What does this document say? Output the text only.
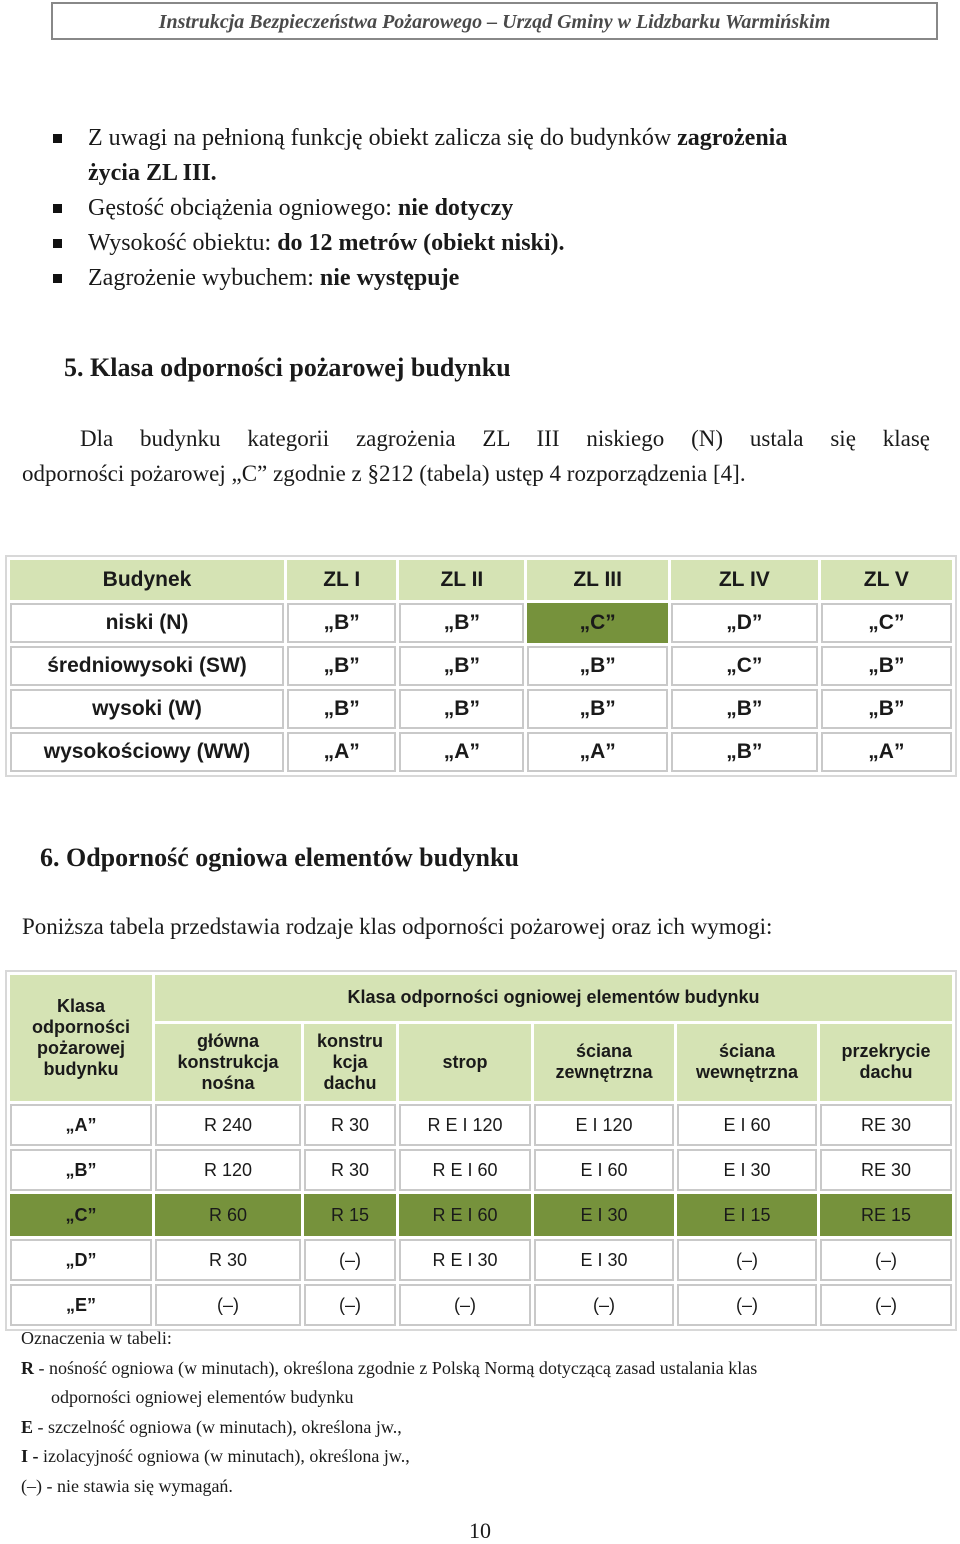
Instrukcja Bezpieczeństwa Pożarowego – Urząd Gminy w Lidzbarku Warmińskim
Z uwagi na pełnioną funkcję obiekt zalicza się do budynków zagrożenia
życia ZL III.
Gęstość obciążenia ogniowego: nie dotyczy
Wysokość obiektu: do 12 metrów (obiekt niski).
Zagrożenie wybuchem: nie występuje
5. Klasa odporności pożarowej budynku
Dla budynku kategorii zagrożenia ZL III niskiego (N) ustala się klasę
odporności pożarowej „C” zgodnie z §212 (tabela) ustęp 4 rozporządzenia [4].
Budynek	ZL I	ZL II	ZL III	ZL IV	ZL V
niski (N)	„B”	„B”	„C”	„D”	„C”
średniowysoki (SW)	„B”	„B”	„B”	„C”	„B”
wysoki (W)	„B”	„B”	„B”	„B”	„B”
wysokościowy (WW)	„A”	„A”	„A”	„B”	„A”
6. Odporność ogniowa elementów budynku
Poniższa tabela przedstawia rodzaje klas odporności pożarowej oraz ich wymogi:
Klasa odporności pożarowej budynku	Klasa odporności ogniowej elementów budynku					
	główna konstrukcja nośna	konstru kcja dachu	strop	ściana zewnętrzna	ściana wewnętrzna	przekrycie dachu
„A”	R 240	R 30	R E I 120	E I 120	E I 60	RE 30
„B”	R 120	R 30	R E I 60	E I 60	E I 30	RE 30
„C”	R 60	R 15	R E I 60	E I 30	E I 15	RE 15
„D”	R 30	(–)	R E I 30	E I 30	(–)	(–)
„E”	(–)	(–)	(–)	(–)	(–)	(–)
Oznaczenia w tabeli:
R - nośność ogniowa (w minutach), określona zgodnie z Polską Normą dotyczącą zasad ustalania klas
odporności ogniowej elementów budynku
E - szczelność ogniowa (w minutach), określona jw.,
I - izolacyjność ogniowa (w minutach), określona jw.,
(–) - nie stawia się wymagań.
10
